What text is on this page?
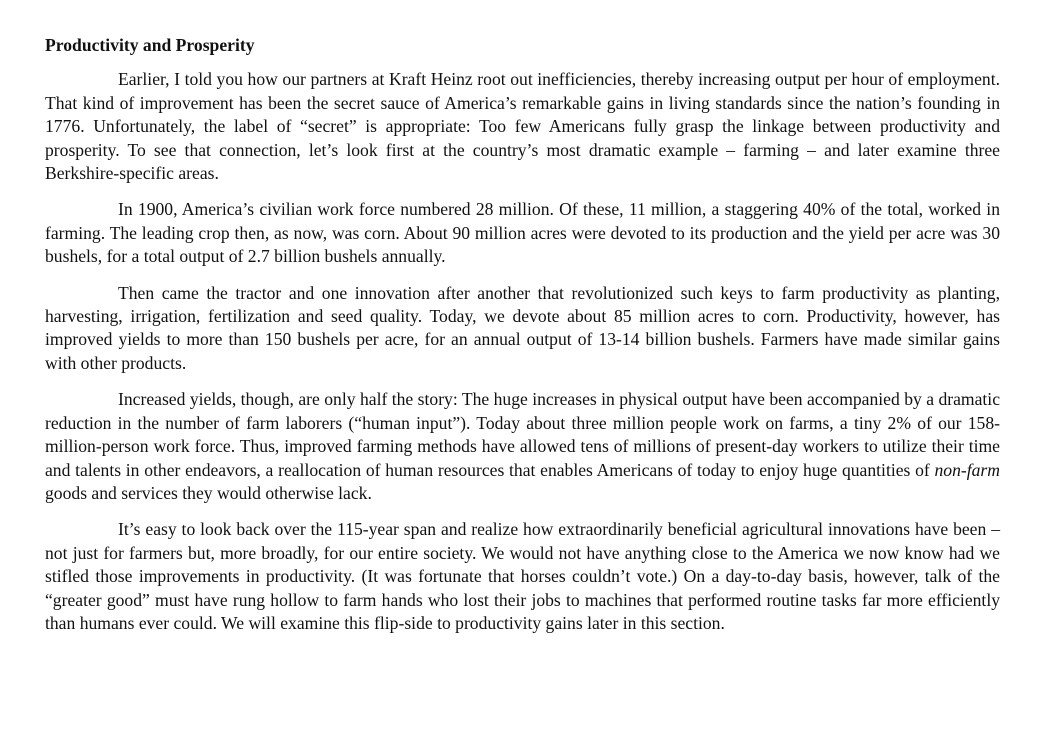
Productivity and Prosperity

Earlier, I told you how our partners at Kraft Heinz root out inefficiencies, thereby increasing output per hour of employment. That kind of improvement has been the secret sauce of America’s remarkable gains in living standards since the nation’s founding in 1776. Unfortunately, the label of “secret” is appropriate: Too few Americans fully grasp the linkage between productivity and prosperity. To see that connection, let’s look first at the country’s most dramatic example – farming – and later examine three Berkshire-specific areas.

In 1900, America’s civilian work force numbered 28 million. Of these, 11 million, a staggering 40% of the total, worked in farming. The leading crop then, as now, was corn. About 90 million acres were devoted to its production and the yield per acre was 30 bushels, for a total output of 2.7 billion bushels annually.

Then came the tractor and one innovation after another that revolutionized such keys to farm productivity as planting, harvesting, irrigation, fertilization and seed quality. Today, we devote about 85 million acres to corn. Productivity, however, has improved yields to more than 150 bushels per acre, for an annual output of 13-14 billion bushels. Farmers have made similar gains with other products.

Increased yields, though, are only half the story: The huge increases in physical output have been accompanied by a dramatic reduction in the number of farm laborers (“human input”). Today about three million people work on farms, a tiny 2% of our 158-million-person work force. Thus, improved farming methods have allowed tens of millions of present-day workers to utilize their time and talents in other endeavors, a reallocation of human resources that enables Americans of today to enjoy huge quantities of non-farm goods and services they would otherwise lack.

It’s easy to look back over the 115-year span and realize how extraordinarily beneficial agricultural innovations have been – not just for farmers but, more broadly, for our entire society. We would not have anything close to the America we now know had we stifled those improvements in productivity. (It was fortunate that horses couldn’t vote.) On a day-to-day basis, however, talk of the “greater good” must have rung hollow to farm hands who lost their jobs to machines that performed routine tasks far more efficiently than humans ever could. We will examine this flip-side to productivity gains later in this section.
